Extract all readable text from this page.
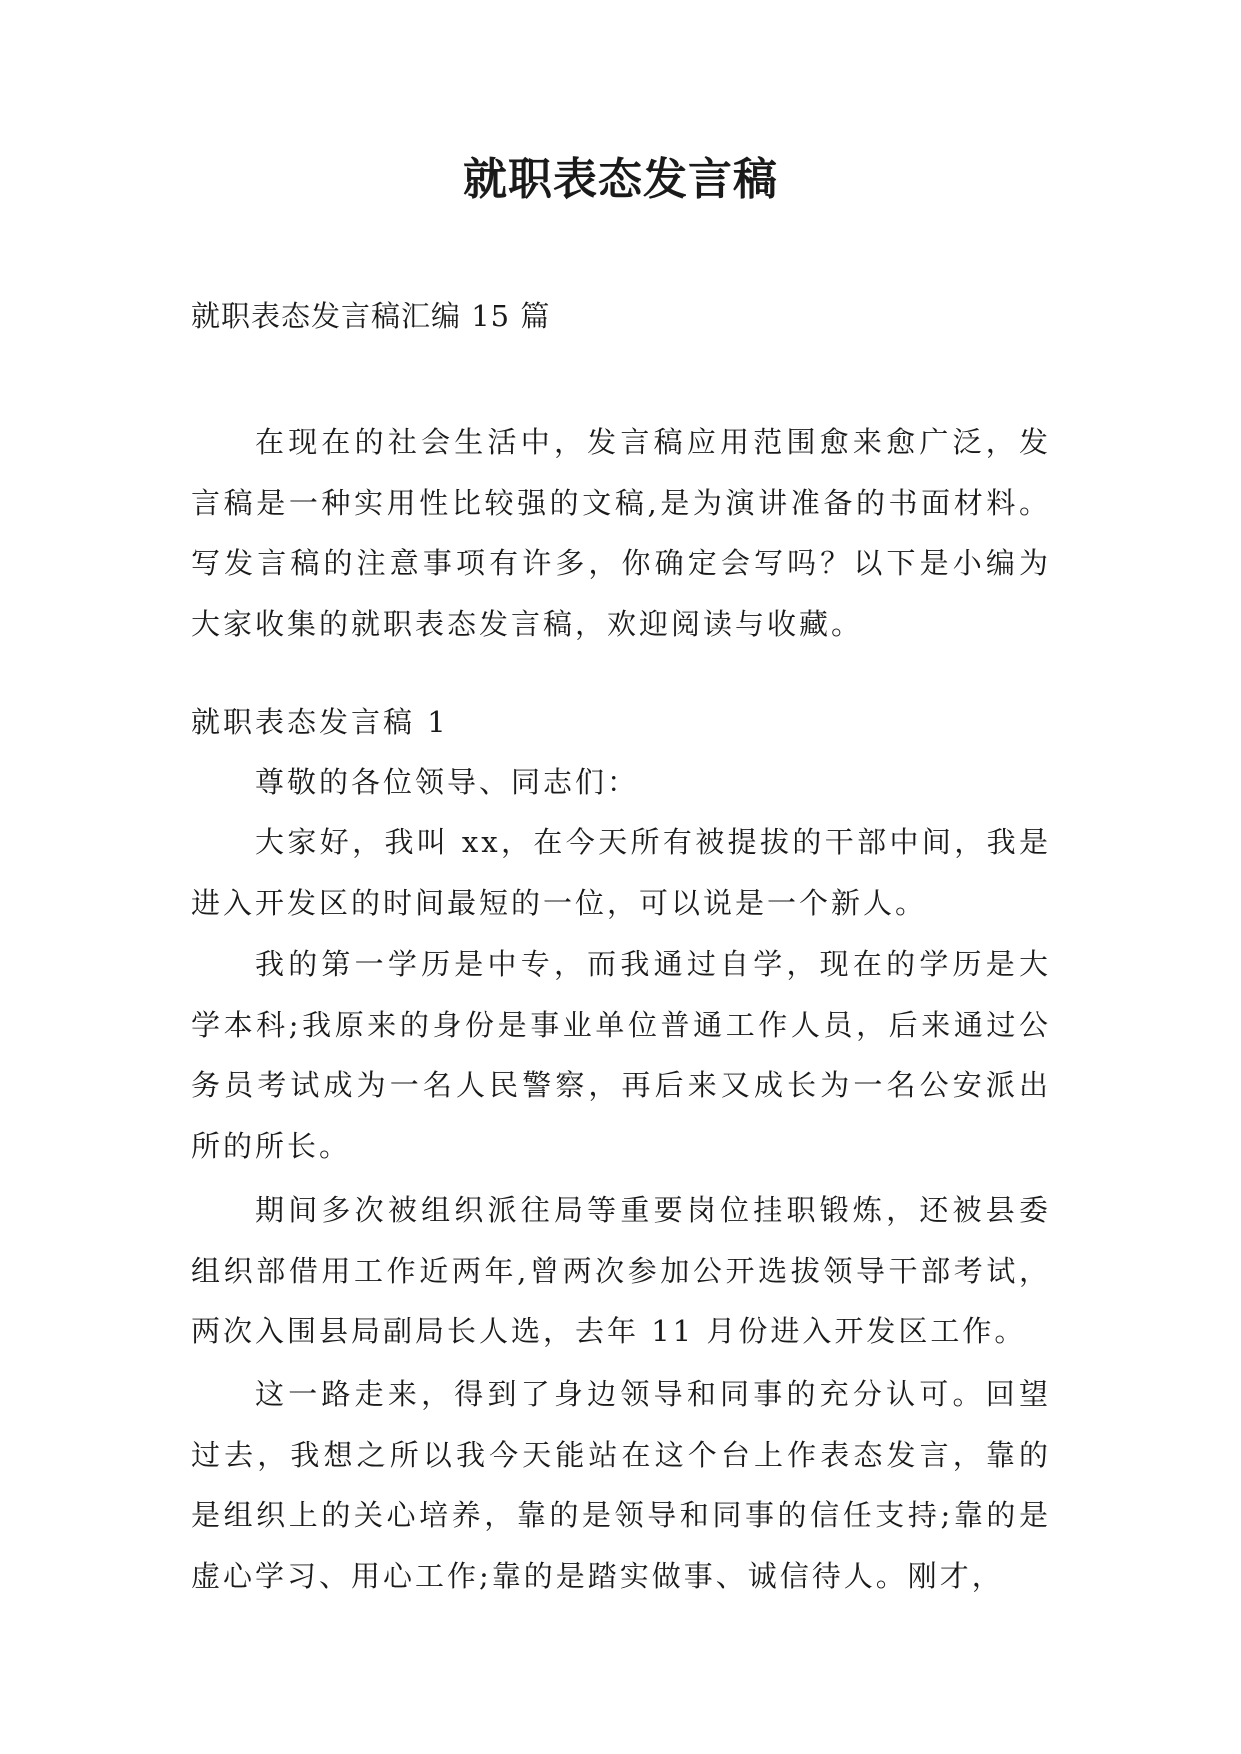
就职表态发言稿
就职表态发言稿汇编 15 篇

在现在的社会生活中，发言稿应用范围愈来愈广泛，发言稿是一种实用性比较强的文稿,是为演讲准备的书面材料。写发言稿的注意事项有许多，你确定会写吗？以下是小编为大家收集的就职表态发言稿，欢迎阅读与收藏。

就职表态发言稿 1

尊敬的各位领导、同志们：

大家好，我叫 xx，在今天所有被提拔的干部中间，我是进入开发区的时间最短的一位，可以说是一个新人。

我的第一学历是中专，而我通过自学，现在的学历是大学本科;我原来的身份是事业单位普通工作人员，后来通过公务员考试成为一名人民警察，再后来又成长为一名公安派出所的所长。

期间多次被组织派往局等重要岗位挂职锻炼，还被县委组织部借用工作近两年,曾两次参加公开选拔领导干部考试，两次入围县局副局长人选，去年 11 月份进入开发区工作。

这一路走来，得到了身边领导和同事的充分认可。回望过去，我想之所以我今天能站在这个台上作表态发言，靠的是组织上的关心培养，靠的是领导和同事的信任支持;靠的是虚心学习、用心工作;靠的是踏实做事、诚信待人。刚才，
